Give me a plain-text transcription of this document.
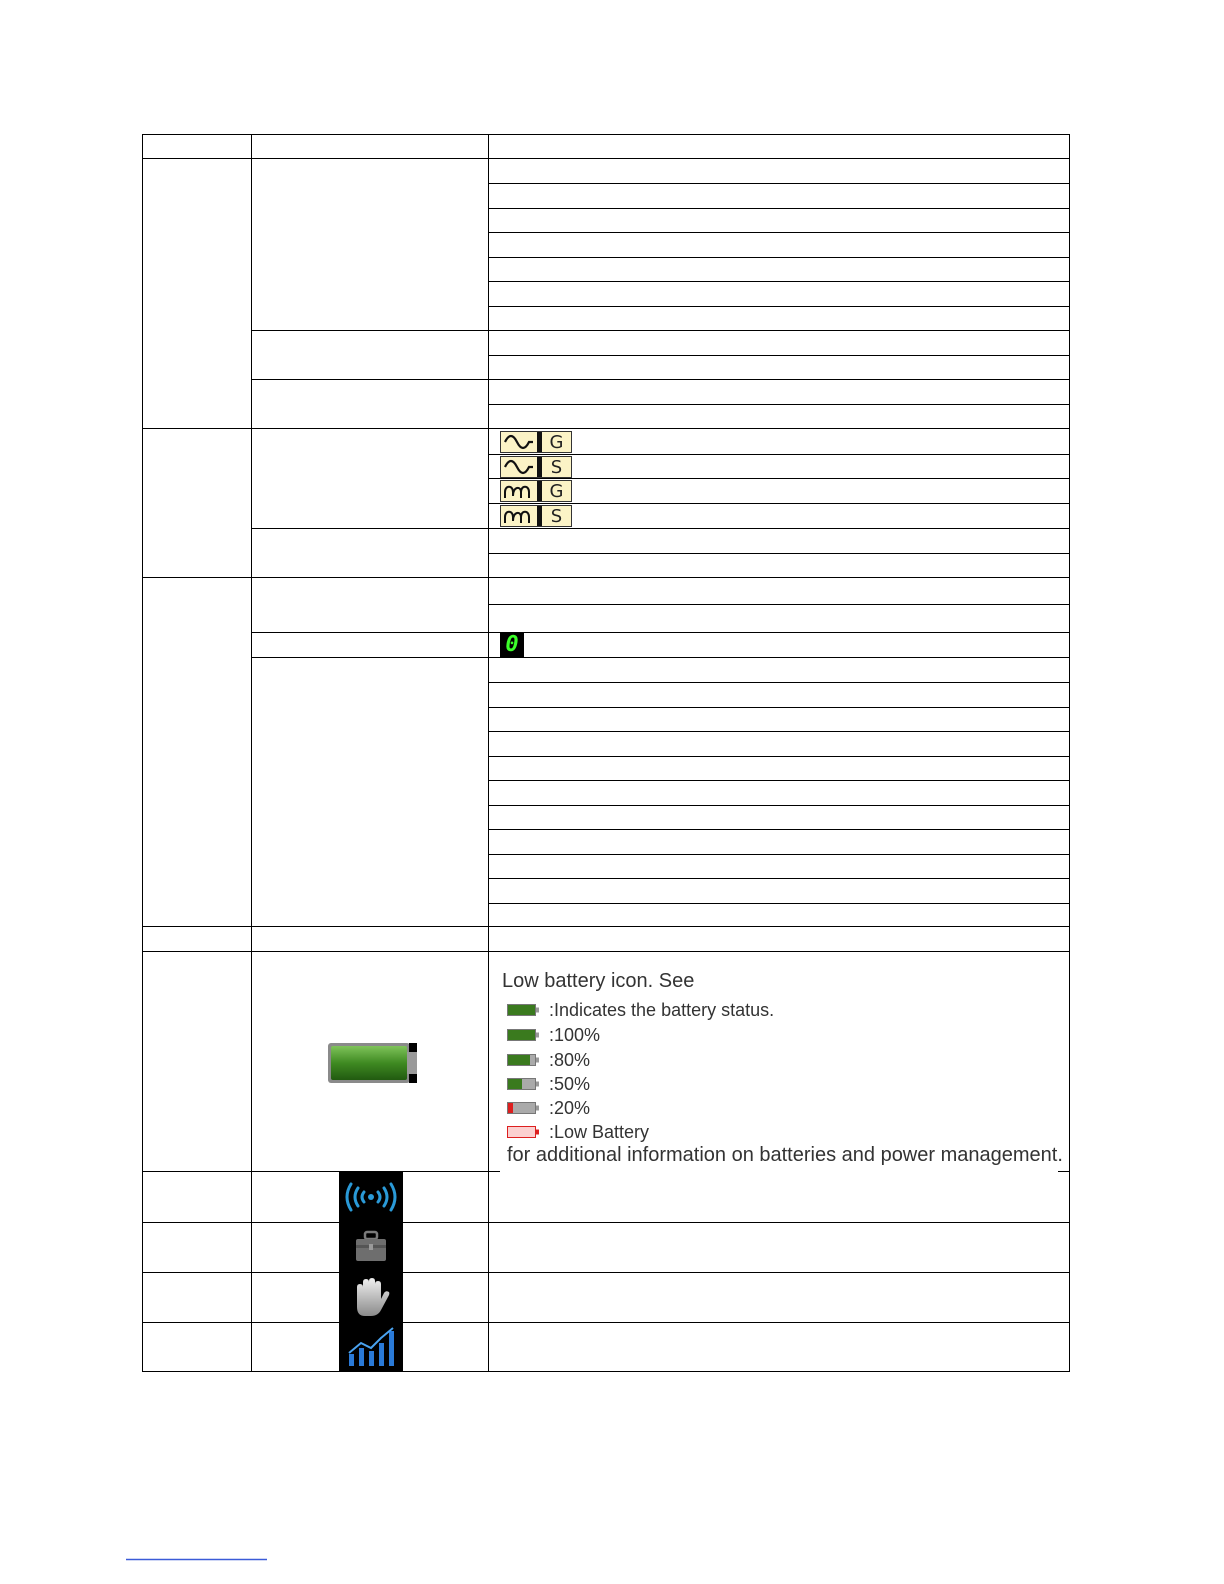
G
S
G
S
0
Low battery icon. See
:Indicates the battery status.
:100%
:80%
:50%
:20%
:Low Battery
for additional information on batteries and power management.
